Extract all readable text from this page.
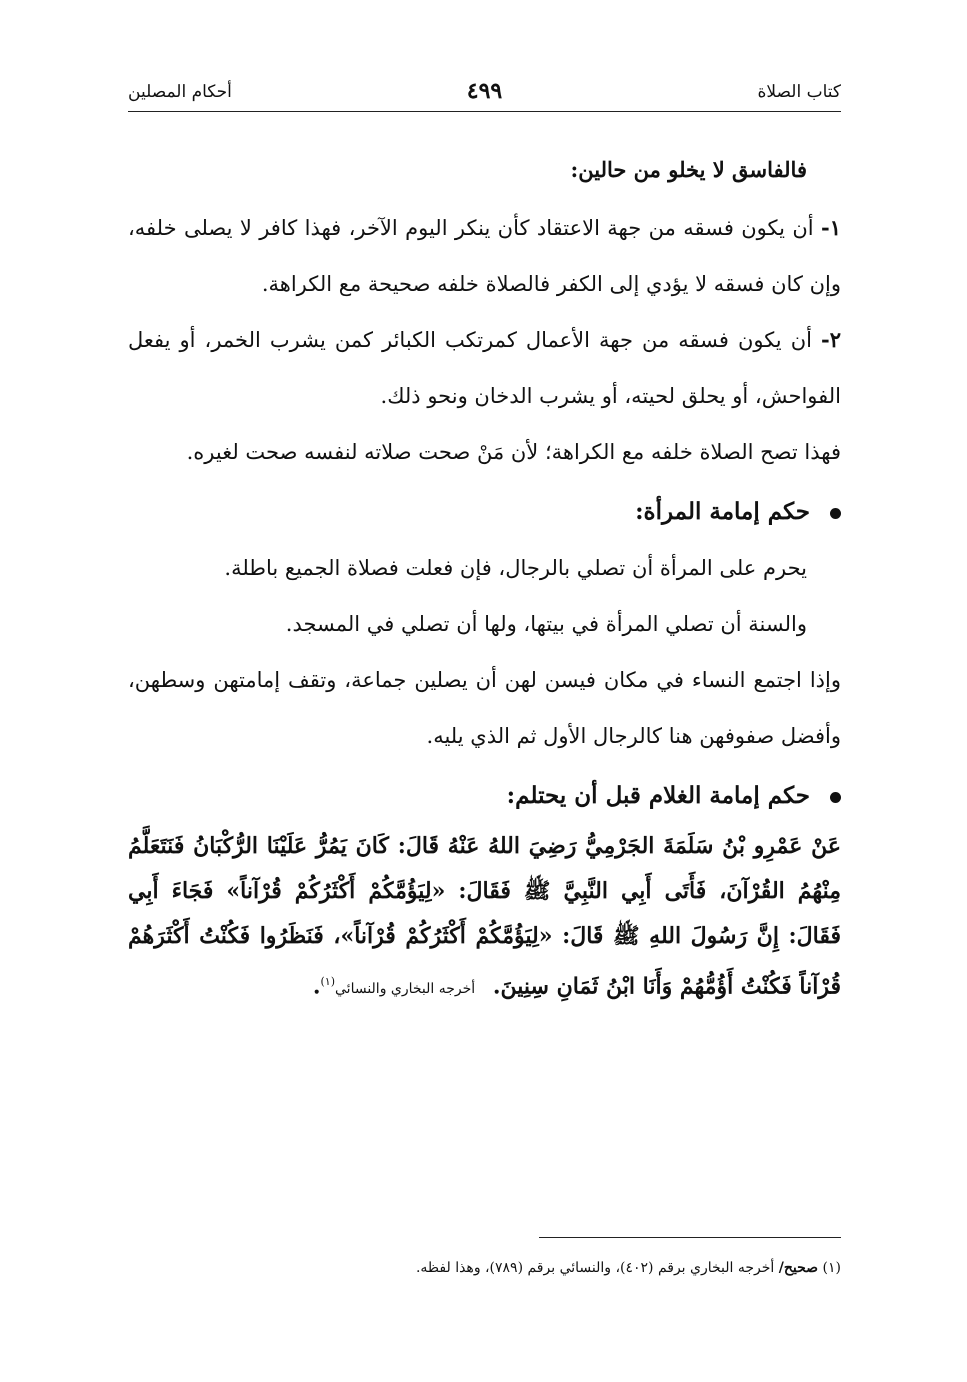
كتاب الصلاة
٤٩٩
أحكام المصلين

فالفاسق لا يخلو من حالين:

١- أن يكون فسقه من جهة الاعتقاد كأن ينكر اليوم الآخر، فهذا كافر لا يصلى خلفه، وإن كان فسقه لا يؤدي إلى الكفر فالصلاة خلفه صحيحة مع الكراهة.

٢- أن يكون فسقه من جهة الأعمال كمرتكب الكبائر كمن يشرب الخمر، أو يفعل الفواحش، أو يحلق لحيته، أو يشرب الدخان ونحو ذلك.

فهذا تصح الصلاة خلفه مع الكراهة؛ لأن مَنْ صحت صلاته لنفسه صحت لغيره.

حكم إمامة المرأة:

يحرم على المرأة أن تصلي بالرجال، فإن فعلت فصلاة الجميع باطلة.

والسنة أن تصلي المرأة في بيتها، ولها أن تصلي في المسجد.

وإذا اجتمع النساء في مكان فيسن لهن أن يصلين جماعة، وتقف إمامتهن وسطهن، وأفضل صفوفهن هنا كالرجال الأول ثم الذي يليه.

حكم إمامة الغلام قبل أن يحتلم:

عَنْ عَمْرِو بْنُ سَلَمَةَ الجَرْمِيُّ رَضِيَ اللهُ عَنْهُ قَالَ: كَانَ يَمُرُّ عَلَيْنَا الرُّكْبَانُ فَنَتَعَلَّمُ مِنْهُمُ القُرْآنَ، فَأَتَى أَبِي النَّبِيَّ ﷺ فَقَالَ: «لِيَؤُمَّكُمْ أَكْثَرُكُمْ قُرْآناً» فَجَاءَ أَبِي فَقَالَ: إِنَّ رَسُولَ اللهِ ﷺ قَالَ: «لِيَؤُمَّكُمْ أَكْثَرُكُمْ قُرْآناً»، فَنَظَرُوا فَكُنْتُ أَكْثَرَهُمْ قُرْآناً فَكُنْتُ أَؤُمُّهُمْ وَأَنَا ابْنُ ثَمَانِ سِنِينَ. أخرجه البخاري والنسائي$^{(١)}$.

(١) صحيح/ أخرجه البخاري برقم (٤٠٢)، والنسائي برقم (٧٨٩)، وهذا لفظه.
